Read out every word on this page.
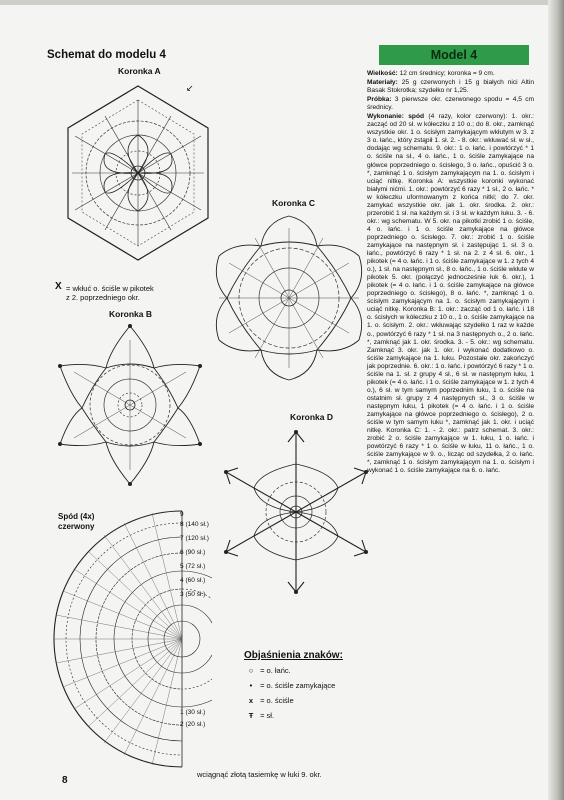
Schemat do modelu 4
Koronka A
↙
X = wkłuć o. ściśle w pikotek
z 2. poprzedniego okr.
Koronka B
Koronka C
Koronka D
Spód (4x)
czerwony
9
8 (140 sł.)
7 (120 sł.)
6 (90 sł.)
5 (72 sł.)
4 (60 sł.)
3 (50 sł.)
1 (30 sł.)
2 (20 sł.)
wciągnąć złotą tasiemkę w łuki 9. okr.
8
Objaśnienia znaków:
○ = o. łańc.
• = o. ściśle zamykające
x = o. ściśle
Ŧ = sł.
Model 4

Wielkość: 12 cm średnicy; koronka = 9 cm.

Materiały: 25 g czerwonych i 15 g białych nici Altin Basak Stokrotka; szydełko nr 1,25.

Próbka: 3 pierwsze okr. czerwonego spodu = 4,5 cm średnicy.

Wykonanie: spód (4 razy, kolor czerwony): 1. okr.: zacząć od 20 sł. w kółeczku z 10 o.; do 8. okr., zamknąć wszystkie okr. 1 o. ścisłym zamykającym wkłutym w 3. z 3 o. łańc., który zstąpił 1. sł. 2. - 8. okr.: wkłuwać sł. w sł., dodając wg schematu. 9. okr.: 1 o. łańc. i powtórzyć * 1 o. ściśle na sł., 4 o. łańc., 1 o. ściśle zamykające na główce poprzedniego o. ścisłego, 3 o. łańc., opuścić 3 o. *, zamknąć 1 o. ścisłym zamykającym na 1. o. ścisłym i uciąć nitkę. Koronka A: wszystkie koronki wykonać białymi nićmi. 1. okr.: powtórzyć 6 razy * 1 sł., 2 o. łańc. * w kółeczku uformowanym z końca nitki; do 7. okr. zamykać wszystkie okr. jak 1. okr. środka. 2. okr.: przerobić 1 sł. na każdym sł. i 3 sł. w każdym łuku. 3. - 6. okr.: wg schematu. W 5. okr. na pikotki zrobić 1 o. ściśle, 4 o. łańc. i 1 o. ściśle zamykające na główce poprzedniego o. ścisłego. 7. okr.: zrobić 1 o. ściśle zamykające na następnym sł. i zastępując 1. sł. 3 o. łańc., powtórzyć 6 razy * 1 sł. na 2. z 4 sł. 6. okr., 1 pikotek (= 4 o. łańc. i 1 o. ściśle zamykające w 1. z tych 4 o.), 1 sł. na następnym sł., 8 o. łańc., 1 o. ściśle wkłute w pikotek 5. okr. (połączyć jednocześnie łuk 6. okr.), 1 pikotek (= 4 o. łańc. i 1 o. ściśle zamykające na główce poprzedniego o. ścisłego), 8 o. łańc. *, zamknąć 1 o. ścisłym zamykającym na 1. o. ścisłym zamykającym i uciąć nitkę. Koronka B: 1. okr.: zacząć od 1 o. łańc. i 18 o. ścisłych w kółeczku z 10 o., 1 o. ściśle zamykające na 1. o. ścisłym. 2. okr.: wkłuwając szydełko 1 raz w każde o., powtórzyć 6 razy * 1 sł. na 3 następnych o., 2 o. łańc. *, zamknąć jak 1. okr. środka. 3. - 5. okr.: wg schematu. Zamknąć 3. okr. jak 1. okr. i wykonać dodatkowo o. ściśle zamykające na 1. łuku. Pozostałe okr. zakończyć jak poprzednie. 6. okr.: 1 o. łańc. i powtórzyć 6 razy * 1 o. ściśle na 1. sł. z grupy 4 sł., 6 sł. w następnym łuku, 1 pikotek (= 4 o. łańc. i 1 o. ściśle zamykające w 1. z tych 4 o.), 6 sł. w tym samym poprzednim łuku, 1 o. ściśle na ostatnim sł. grupy z 4 następnych sł., 3 o. ściśle w następnym łuku, 1 pikotek (= 4 o. łańc. i 1 o. ściśle zamykające na główce poprzedniego o. ścisłego), 2 o. ściśle w tym samym łuku *, zamknąć jak 1. okr. i uciąć nitkę. Koronka C: 1. - 2. okr.: patrz schemat. 3. okr.: zrobić 2 o. ściśle zamykające w 1. łuku, 1 o. łańc. i powtórzyć 6 razy * 1 o. ściśle w łuku, 11 o. łańc., 1 o. ściśle zamykające w 9. o., licząc od szydełka, 2 o. łańc. *, zamknąć 1 o. ścisłym zamykającym na 1. o. ścisłym i wykonać 1 o. ściśle zamykające na 6. o. łańc.
